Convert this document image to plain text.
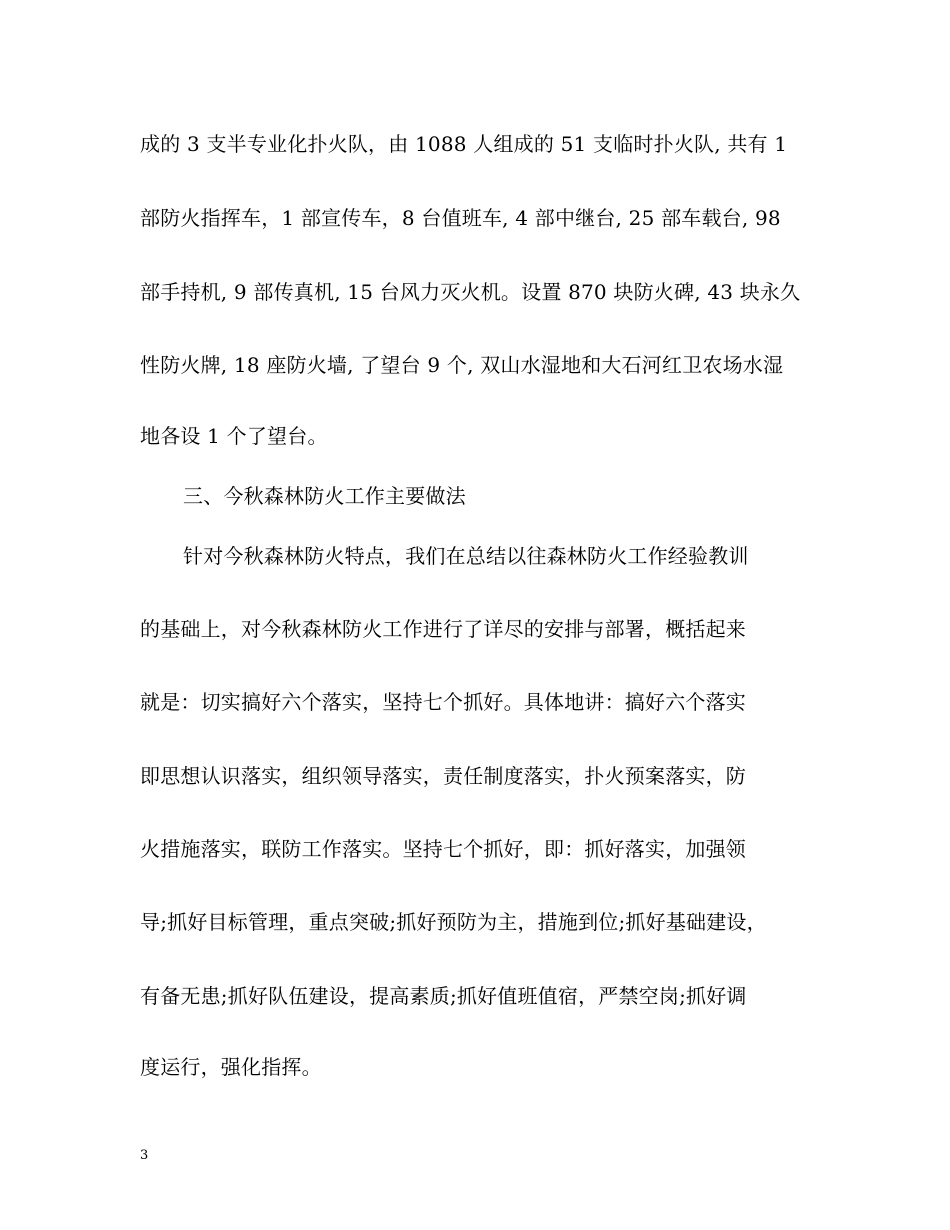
成的 3 支半专业化扑火队，由 1088 人组成的 51 支临时扑火队, 共有 1
部防火指挥车，1 部宣传车，8 台值班车, 4 部中继台, 25 部车载台, 98
部手持机, 9 部传真机, 15 台风力灭火机。设置 870 块防火碑, 43 块永久
性防火牌, 18 座防火墙, 了望台 9 个, 双山水湿地和大石河红卫农场水湿
地各设 1 个了望台。
三、今秋森林防火工作主要做法
针对今秋森林防火特点，我们在总结以往森林防火工作经验教训
的基础上，对今秋森林防火工作进行了详尽的安排与部署，概括起来
就是：切实搞好六个落实，坚持七个抓好。具体地讲：搞好六个落实
即思想认识落实，组织领导落实，责任制度落实，扑火预案落实，防
火措施落实，联防工作落实。坚持七个抓好，即：抓好落实，加强领
导;抓好目标管理，重点突破;抓好预防为主，措施到位;抓好基础建设，
有备无患;抓好队伍建设，提高素质;抓好值班值宿，严禁空岗;抓好调
度运行，强化指挥。
3
